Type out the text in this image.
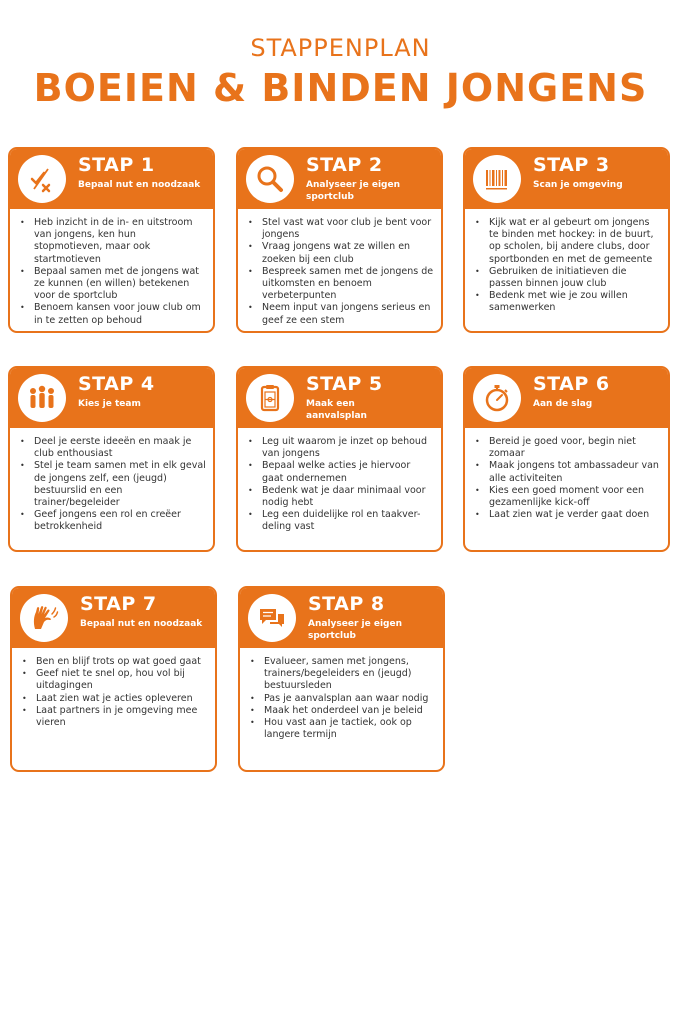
STAPPENPLAN
BOEIEN & BINDEN JONGENS
STAP 1
Bepaal nut en noodzaak
• Heb inzicht in de in- en uitstroom van jongens, ken hun stopmotieven, maar ook startmotieven
• Bepaal samen met de jongens wat ze kunnen (en willen) betekenen voor de sportclub
• Benoem kansen voor jouw club om in te zetten op behoud
STAP 2
Analyseer je eigen sportclub
• Stel vast wat voor club je bent voor jongens
• Vraag jongens wat ze willen en zoeken bij een club
• Bespreek samen met de jongens de uitkomsten en benoem verbeterpunten
• Neem input van jongens serieus en geef ze een stem
STAP 3
Scan je omgeving
• Kijk wat er al gebeurt om jongens te binden met hockey: in de buurt, op scholen, bij andere clubs, door sportbonden en met de gemeente
• Gebruiken de initiatieven die passen binnen jouw club
• Bedenk met wie je zou willen samenwerken
STAP 4
Kies je team
• Deel je eerste ideeën en maak je club enthousiast
• Stel je team samen met in elk geval de jongens zelf, een (jeugd) bestuurslid en een trainer/begeleider
• Geef jongens een rol en creëer betrokkenheid
STAP 5
Maak een aanvalsplan
• Leg uit waarom je inzet op behoud van jongens
• Bepaal welke acties je hiervoor gaat ondernemen
• Bedenk wat je daar minimaal voor nodig hebt
• Leg een duidelijke rol en taakver-deling vast
STAP 6
Aan de slag
• Bereid je goed voor, begin niet zomaar
• Maak jongens tot ambassadeur van alle activiteiten
• Kies een goed moment voor een gezamenlijke kick-off
• Laat zien wat je verder gaat doen
STAP 7
Bepaal nut en noodzaak
• Ben en blijf trots op wat goed gaat
• Geef niet te snel op, hou vol bij uitdagingen
• Laat zien wat je acties opleveren
• Laat partners in je omgeving mee vieren
STAP 8
Analyseer je eigen sportclub
• Evalueer, samen met jongens, trainers/begeleiders en (jeugd) bestuursleden
• Pas je aanvalsplan aan waar nodig
• Maak het onderdeel van je beleid
• Hou vast aan je tactiek, ook op langere termijn
